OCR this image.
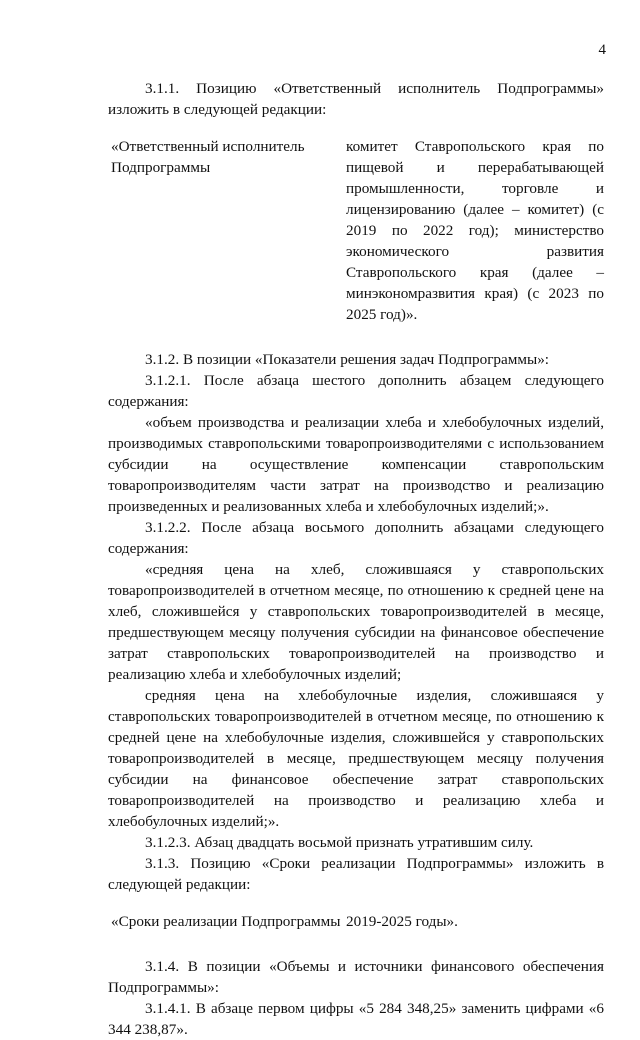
4

3.1.1. Позицию «Ответственный исполнитель Подпрограммы» изложить в следующей редакции:

«Ответственный исполнитель Подпрограммы
комитет Ставропольского края по пищевой и перерабатывающей промышленности, торговле и лицензированию (далее – комитет) (с 2019 по 2022 год); министерство экономического развития Ставропольского края (далее – минэкономразвития края) (с 2023 по 2025 год)».

3.1.2. В позиции «Показатели решения задач Подпрограммы»:

3.1.2.1. После абзаца шестого дополнить абзацем следующего содержания:

«объем производства и реализации хлеба и хлебобулочных изделий, производимых ставропольскими товаропроизводителями с использованием субсидии на осуществление компенсации ставропольским товаропроизводителям части затрат на производство и реализацию произведенных и реализованных хлеба и хлебобулочных изделий;».

3.1.2.2. После абзаца восьмого дополнить абзацами следующего содержания:

«средняя цена на хлеб, сложившаяся у ставропольских товаропроизводителей в отчетном месяце, по отношению к средней цене на хлеб, сложившейся у ставропольских товаропроизводителей в месяце, предшествующем месяцу получения субсидии на финансовое обеспечение затрат ставропольских товаропроизводителей на производство и реализацию хлеба и хлебобулочных изделий;

средняя цена на хлебобулочные изделия, сложившаяся у ставропольских товаропроизводителей в отчетном месяце, по отношению к средней цене на хлебобулочные изделия, сложившейся у ставропольских товаропроизводителей в месяце, предшествующем месяцу получения субсидии на финансовое обеспечение затрат ставропольских товаропроизводителей на производство и реализацию хлеба и хлебобулочных изделий;».

3.1.2.3. Абзац двадцать восьмой признать утратившим силу.

3.1.3. Позицию «Сроки реализации Подпрограммы» изложить в следующей редакции:

«Сроки реализации Подпрограммы 2019-2025 годы».

3.1.4. В позиции «Объемы и источники финансового обеспечения Подпрограммы»:

3.1.4.1. В абзаце первом цифры «5 284 348,25» заменить цифрами «6 344 238,87».
